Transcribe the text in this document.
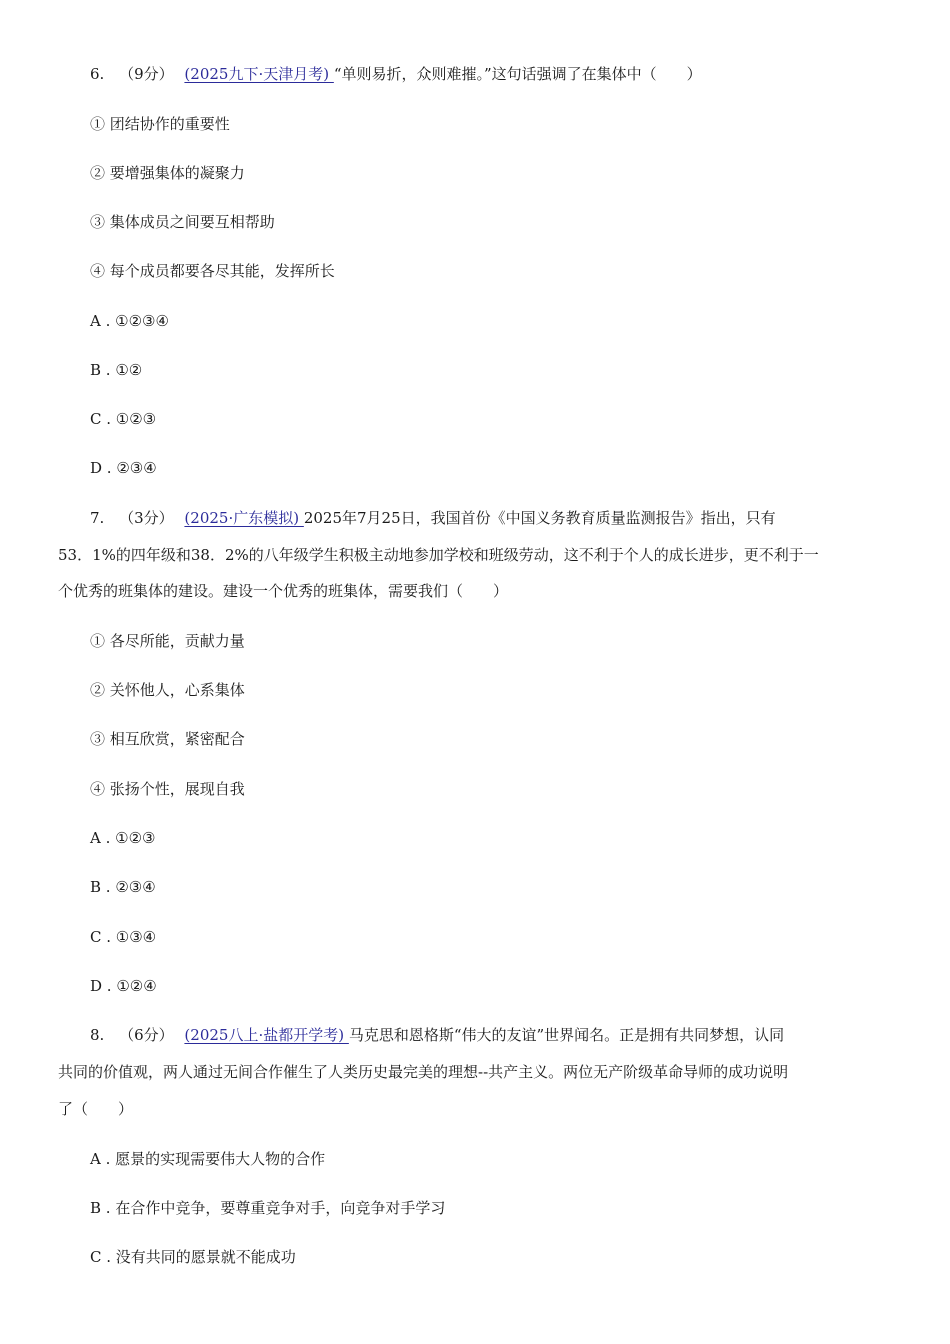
6. （9分） (2025九下·天津月考) “单则易折，众则难摧。”这句话强调了在集体中（　　）
① 团结协作的重要性
② 要增强集体的凝聚力
③ 集体成员之间要互相帮助
④ 每个成员都要各尽其能，发挥所长
A . ①②③④
B . ①②
C . ①②③
D . ②③④
7. （3分） (2025·广东模拟) 2025年7月25日，我国首份《中国义务教育质量监测报告》指出，只有
53．1%的四年级和38．2%的八年级学生积极主动地参加学校和班级劳动，这不利于个人的成长进步，更不利于一
个优秀的班集体的建设。建设一个优秀的班集体，需要我们（　　）
① 各尽所能，贡献力量
② 关怀他人，心系集体
③ 相互欣赏，紧密配合
④ 张扬个性，展现自我
A . ①②③
B . ②③④
C . ①③④
D . ①②④
8. （6分） (2025八上·盐都开学考) 马克思和恩格斯“伟大的友谊”世界闻名。正是拥有共同梦想，认同
共同的价值观，两人通过无间合作催生了人类历史最完美的理想--共产主义。两位无产阶级革命导师的成功说明
了（　　）
A . 愿景的实现需要伟大人物的合作
B . 在合作中竞争，要尊重竞争对手，向竞争对手学习
C . 没有共同的愿景就不能成功
